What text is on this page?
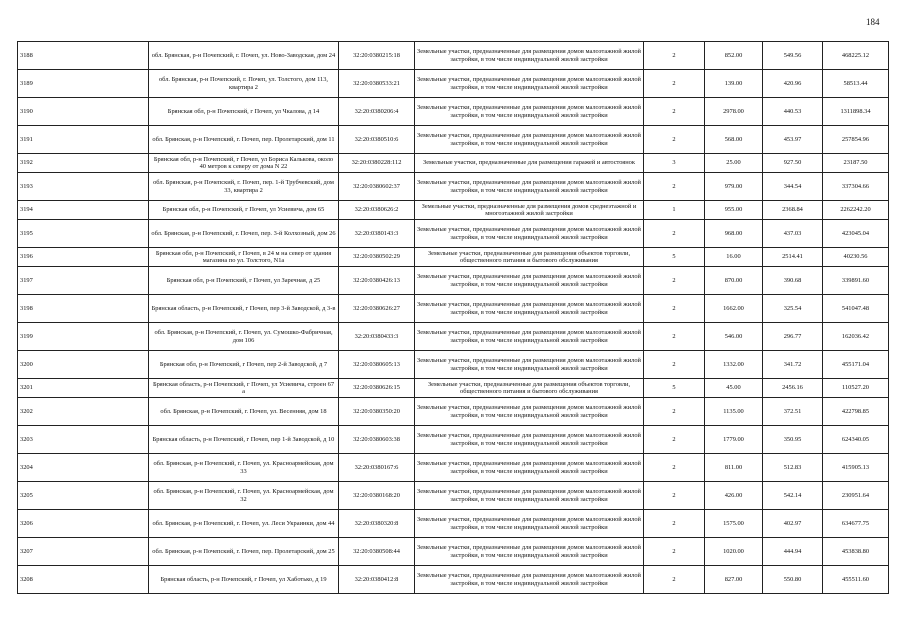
184
3188	обл. Брянская, р-н Почепский, г. Почеп, ул. Ново-Заводская, дом 24	32:20:0380215:18	Земельные участки, предназначенные для размещения домов малоэтажной жилой застройки, в том числе индивидуальной жилой застройки	2	852.00	549.56	468225.12
3189	обл. Брянская, р-н Почепский, г. Почеп, ул. Толстого, дом 113, квартира 2	32:20:0380533:21	Земельные участки, предназначенные для размещения домов малоэтажной жилой застройки, в том числе индивидуальной жилой застройки	2	139.00	420.96	58513.44
3190	Брянская обл, р-н Почепский, г Почеп, ул Чкалова, д 14	32:20:0380206:4	Земельные участки, предназначенные для размещения домов малоэтажной жилой застройки, в том числе индивидуальной жилой застройки	2	2978.00	440.53	1311898.34
3191	обл. Брянская, р-н Почепский, г. Почеп, пер. Пролетарский, дом 11	32:20:0380510:6	Земельные участки, предназначенные для размещения домов малоэтажной жилой застройки, в том числе индивидуальной жилой застройки	2	568.00	453.97	257854.96
3192	Брянская обл, р-н Почепский, г Почеп, ул Бориса Калькова, около 40 метров к северу от дома N 22	32:20:0380228:112	Земельные участки, предназначенные для размещения гаражей и автостоянок	3	25.00	927.50	23187.50
3193	обл. Брянская, р-н Почепский, г. Почеп, пер. 1-й Трубчевский, дом 33, квартира 2	32:20:0380602:37	Земельные участки, предназначенные для размещения домов малоэтажной жилой застройки, в том числе индивидуальной жилой застройки	2	979.00	344.54	337304.66
3194	Брянская обл, р-н Почепский, г Почеп, ул Усиевича, дом 65	32:20:0380626:2	Земельные участки, предназначенные для размещения домов среднеэтажной и многоэтажной жилой застройки	1	955.00	2368.84	2262242.20
3195	обл. Брянская, р-н Почепский, г. Почеп, пер. 3-й Колхозный, дом 26	32:20:0380143:3	Земельные участки, предназначенные для размещения домов малоэтажной жилой застройки, в том числе индивидуальной жилой застройки	2	968.00	437.03	423045.04
3196	Брянская обл, р-н Почепский, г Почеп, в 24 м на север от здания магазина по ул. Толстого, N1а	32:20:0380502:29	Земельные участки, предназначенные для размещения объектов торговли, общественного питания и бытового обслуживания	5	16.00	2514.41	40230.56
3197	Брянская обл, р-н Почепский, г Почеп, ул Заречная, д 25	32:20:0380426:13	Земельные участки, предназначенные для размещения домов малоэтажной жилой застройки, в том числе индивидуальной жилой застройки	2	870.00	390.68	339891.60
3198	Брянская область, р-н Почепский, г Почеп, пер 3-й Заводской, д 3-в	32:20:0380626:27	Земельные участки, предназначенные для размещения домов малоэтажной жилой застройки, в том числе индивидуальной жилой застройки	2	1662.00	325.54	541047.48
3199	обл. Брянская, р-н Почепский, г. Почеп, ул. Сумошко-Фабричная, дом 106	32:20:0380433:3	Земельные участки, предназначенные для размещения домов малоэтажной жилой застройки, в том числе индивидуальной жилой застройки	2	546.00	296.77	162036.42
3200	Брянская обл, р-н Почепский, г Почеп, пер 2-й Заводской, д 7	32:20:0380605:13	Земельные участки, предназначенные для размещения домов малоэтажной жилой застройки, в том числе индивидуальной жилой застройки	2	1332.00	341.72	455171.04
3201	Брянская область, р-н Почепский, г Почеп, ул Усиевича, строен 67 а	32:20:0380626:15	Земельные участки, предназначенные для размещения объектов торговли, общественного питания и бытового обслуживания	5	45.00	2456.16	110527.20
3202	обл. Брянская, р-н Почепский, г. Почеп, ул. Весенняя, дом 18	32:20:0380350:20	Земельные участки, предназначенные для размещения домов малоэтажной жилой застройки, в том числе индивидуальной жилой застройки	2	1135.00	372.51	422798.85
3203	Брянская область, р-н Почепский, г Почеп, пер 1-й Заводской, д 10	32:20:0380603:38	Земельные участки, предназначенные для размещения домов малоэтажной жилой застройки, в том числе индивидуальной жилой застройки	2	1779.00	350.95	624340.05
3204	обл. Брянская, р-н Почепский, г. Почеп, ул. Красноармейская, дом 33	32:20:0380167:6	Земельные участки, предназначенные для размещения домов малоэтажной жилой застройки, в том числе индивидуальной жилой застройки	2	811.00	512.83	415905.13
3205	обл. Брянская, р-н Почепский, г. Почеп, ул. Красноармейская, дом 32	32:20:0380168:20	Земельные участки, предназначенные для размещения домов малоэтажной жилой застройки, в том числе индивидуальной жилой застройки	2	426.00	542.14	230951.64
3206	обл. Брянская, р-н Почепский, г. Почеп, ул. Леси Украинки, дом 44	32:20:0380320:8	Земельные участки, предназначенные для размещения домов малоэтажной жилой застройки, в том числе индивидуальной жилой застройки	2	1575.00	402.97	634677.75
3207	обл. Брянская, р-н Почепский, г. Почеп, пер. Пролетарский, дом 25	32:20:0380508:44	Земельные участки, предназначенные для размещения домов малоэтажной жилой застройки, в том числе индивидуальной жилой застройки	2	1020.00	444.94	453838.80
3208	Брянская область, р-н Почепский, г Почеп, ул Хаботько, д 19	32:20:0380412:8	Земельные участки, предназначенные для размещения домов малоэтажной жилой застройки, в том числе индивидуальной жилой застройки	2	827.00	550.80	455511.60
